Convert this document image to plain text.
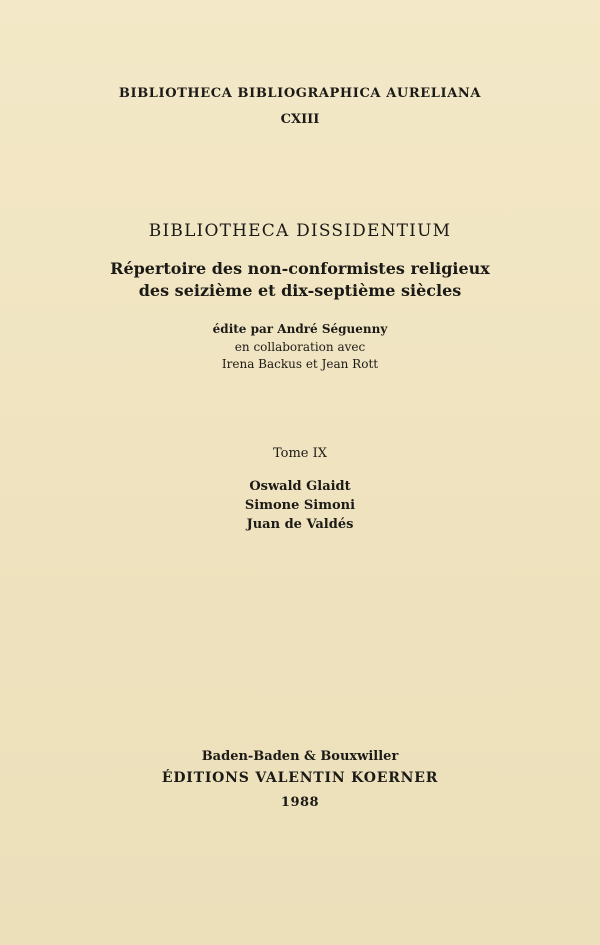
BIBLIOTHECA BIBLIOGRAPHICA AURELIANA
CXIII
BIBLIOTHECA DISSIDENTIUM
Répertoire des non-conformistes religieux
des seizième et dix-septième siècles
édite par André Séguenny
en collaboration avec
Irena Backus et Jean Rott
Tome IX
Oswald Glaidt
Simone Simoni
Juan de Valdés
Baden-Baden & Bouxwiller
ÉDITIONS VALENTIN KOERNER
1988
